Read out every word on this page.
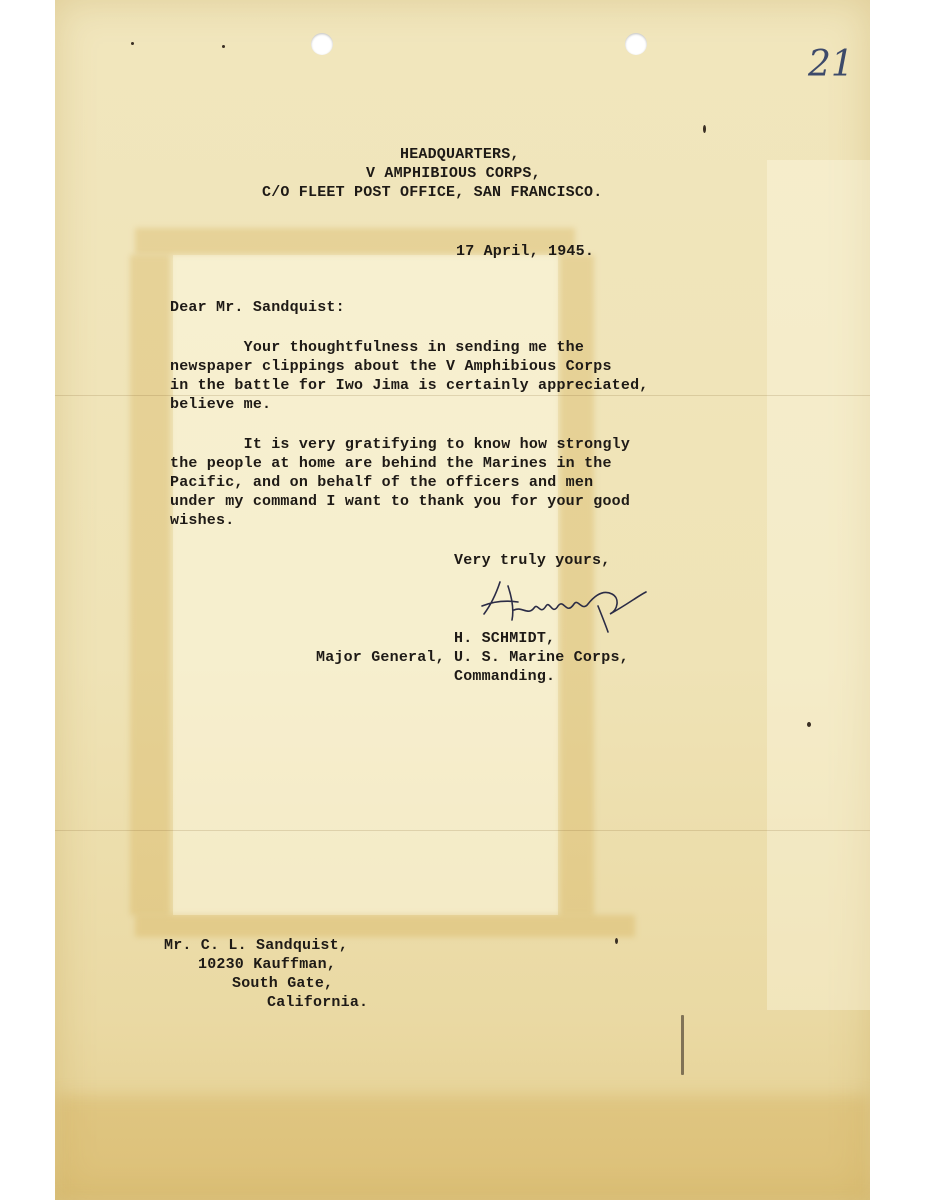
21
HEADQUARTERS,
V AMPHIBIOUS CORPS,
C/O FLEET POST OFFICE, SAN FRANCISCO.
17 April, 1945.
Dear Mr. Sandquist:
Your thoughtfulness in sending me the
newspaper clippings about the V Amphibious Corps
in the battle for Iwo Jima is certainly appreciated,
believe me.
It is very gratifying to know how strongly
the people at home are behind the Marines in the
Pacific, and on behalf of the officers and men
under my command I want to thank you for your good
wishes.
Very truly yours,
H. SCHMIDT,
Major General, U. S. Marine Corps,
Commanding.
Mr. C. L. Sandquist,
10230 Kauffman,
South Gate,
California.
